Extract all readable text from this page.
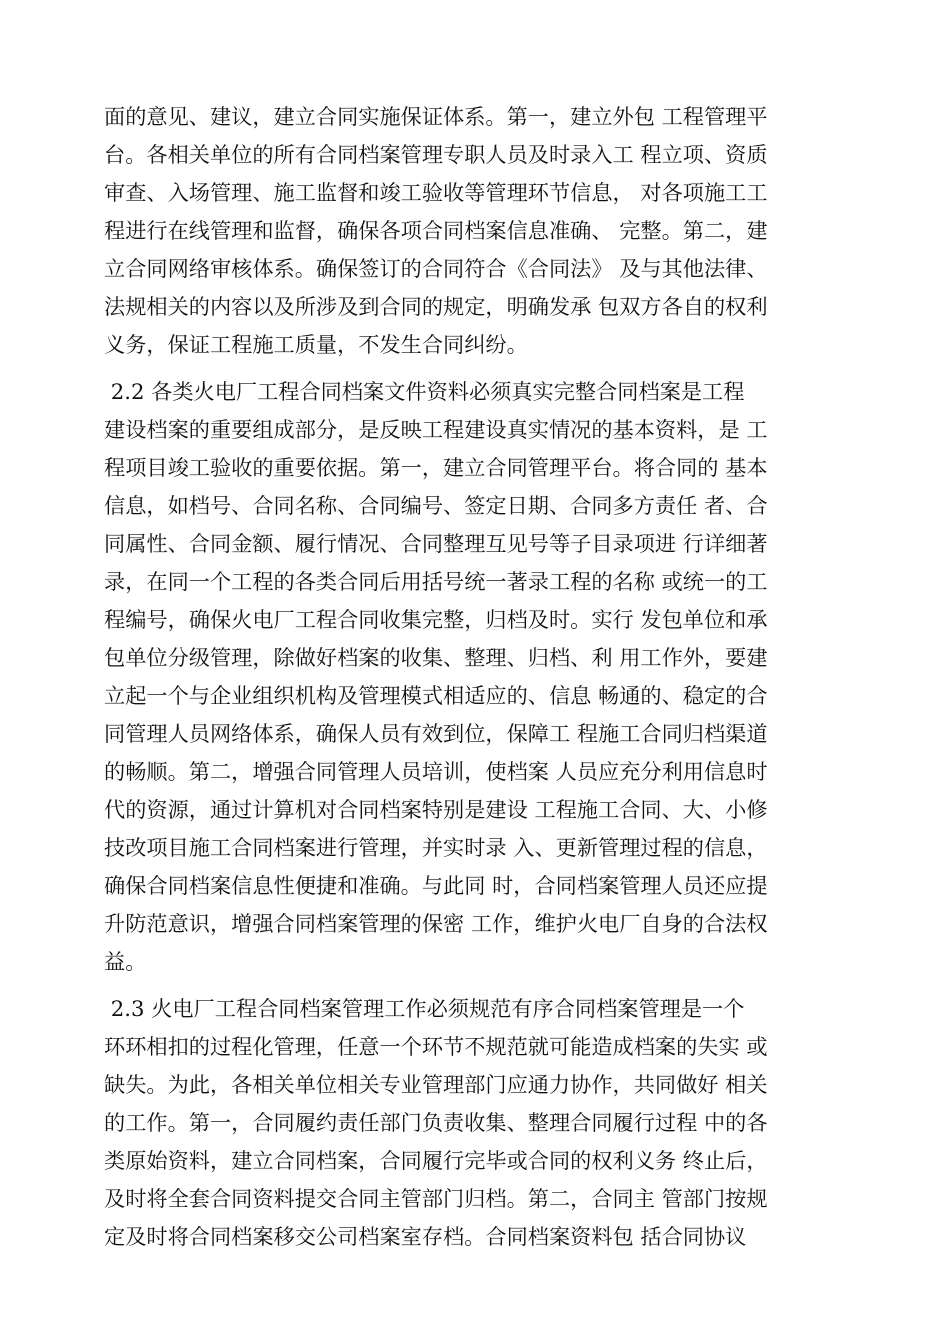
面的意见、建议，建立合同实施保证体系。第一，建立外包 工程管理平
台。各相关单位的所有合同档案管理专职人员及时录入工 程立项、资质
审查、入场管理、施工监督和竣工验收等管理环节信息， 对各项施工工
程进行在线管理和监督，确保各项合同档案信息准确、 完整。第二，建
立合同网络审核体系。确保签订的合同符合《合同法》 及与其他法律、
法规相关的内容以及所涉及到合同的规定，明确发承 包双方各自的权利
义务，保证工程施工质量，不发生合同纠纷。
2.2 各类火电厂工程合同档案文件资料必须真实完整合同档案是工程
建设档案的重要组成部分，是反映工程建设真实情况的基本资料，是 工
程项目竣工验收的重要依据。第一，建立合同管理平台。将合同的 基本
信息，如档号、合同名称、合同编号、签定日期、合同多方责任 者、合
同属性、合同金额、履行情况、合同整理互见号等子目录项进 行详细著
录，在同一个工程的各类合同后用括号统一著录工程的名称 或统一的工
程编号，确保火电厂工程合同收集完整，归档及时。实行 发包单位和承
包单位分级管理，除做好档案的收集、整理、归档、利 用工作外，要建
立起一个与企业组织机构及管理模式相适应的、信息 畅通的、稳定的合
同管理人员网络体系，确保人员有效到位，保障工 程施工合同归档渠道
的畅顺。第二，增强合同管理人员培训，使档案 人员应充分利用信息时
代的资源，通过计算机对合同档案特别是建设 工程施工合同、大、小修
技改项目施工合同档案进行管理，并实时录 入、更新管理过程的信息，
确保合同档案信息性便捷和准确。与此同 时，合同档案管理人员还应提
升防范意识，增强合同档案管理的保密 工作，维护火电厂自身的合法权
益。
2.3 火电厂工程合同档案管理工作必须规范有序合同档案管理是一个
环环相扣的过程化管理，任意一个环节不规范就可能造成档案的失实 或
缺失。为此，各相关单位相关专业管理部门应通力协作，共同做好 相关
的工作。第一，合同履约责任部门负责收集、整理合同履行过程 中的各
类原始资料，建立合同档案，合同履行完毕或合同的权利义务 终止后，
及时将全套合同资料提交合同主管部门归档。第二，合同主 管部门按规
定及时将合同档案移交公司档案室存档。合同档案资料包 括合同协议
